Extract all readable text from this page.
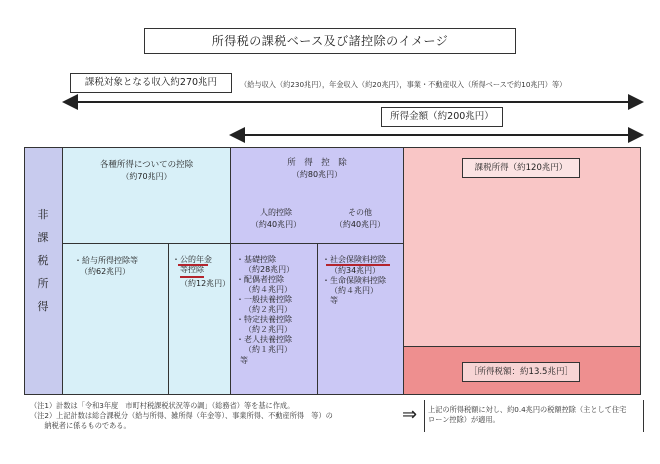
所得税の課税ベース及び諸控除のイメージ
⇒
課税対象となる収入約270兆円	（給与収入（約230兆円），年金収入（約20兆円），事業・不動産収入（所得ベースで約10兆円）等）
所得金額（約200兆円）
非
課
税
所
得
各種所得についての控除
（約70兆円）
・給与所得控除等
（約62兆円）
・公的年金
等控除
（約12兆円）
所　得　控　除
（約80兆円）
人的控除
（約40兆円）
その他
（約40兆円）
・基礎控除
（約28兆円）
・配偶者控除
（約４兆円）
・一般扶養控除
（約２兆円）
・特定扶養控除
（約２兆円）
・老人扶養控除
（約１兆円）
等
・社会保険料控除
（約34兆円）
・生命保険料控除
（約４兆円）
等
課税所得（約120兆円）
［所得税額：約13.5兆円］
（注1）計数は「令和3年度　市町村税課税状況等の調」（総務省）等を基に作成。
（注2）上記計数は総合課税分（給与所得、雑所得（年金等）、事業所得、不動産所得　等）の
　　納税者に係るものである。
上記の所得税額に対し、約0.4兆円の税額控除（主として住宅
ローン控除）が適用。
